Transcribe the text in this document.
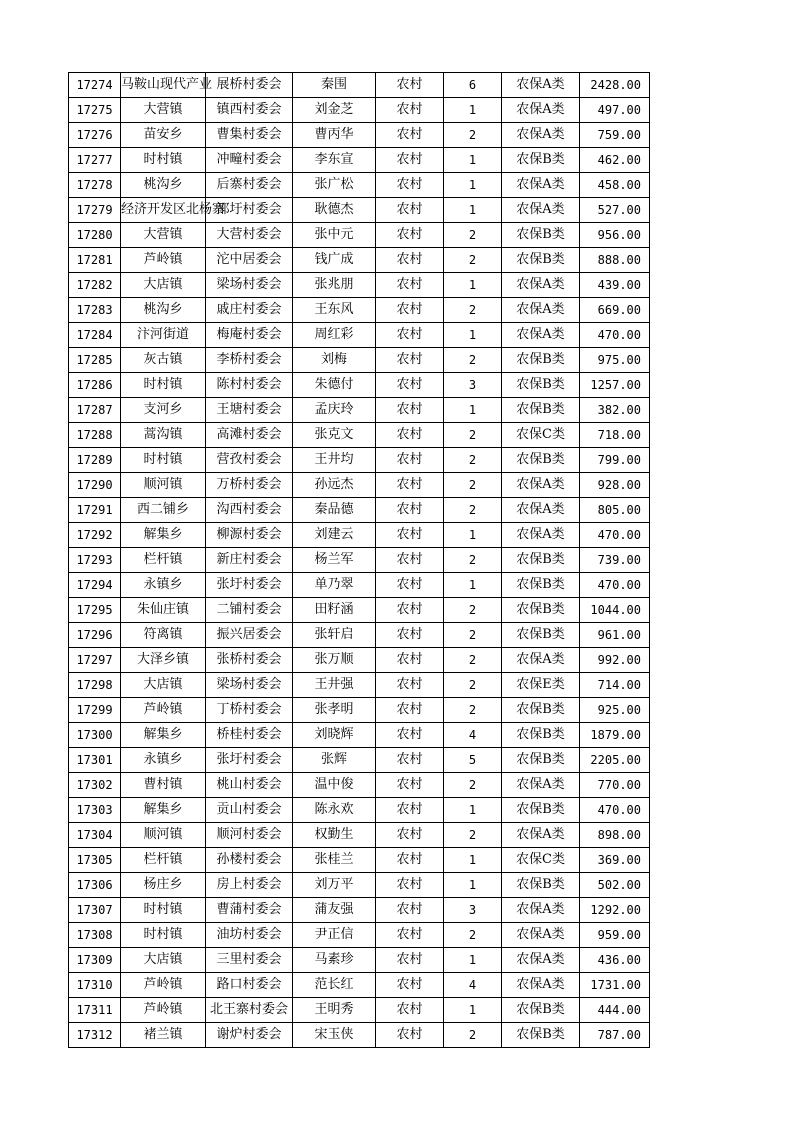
17274	马鞍山现代产业	展桥村委会	秦围	农村	6	农保A类	2428.00
17275	大营镇	镇西村委会	刘金芝	农村	1	农保A类	497.00
17276	苗安乡	曹集村委会	曹丙华	农村	2	农保A类	759.00
17277	时村镇	冲疃村委会	李东宣	农村	1	农保B类	462.00
17278	桃沟乡	后寨村委会	张广松	农村	1	农保A类	458.00
17279	经济开发区北杨寨	邵圩村委会	耿德杰	农村	1	农保A类	527.00
17280	大营镇	大营村委会	张中元	农村	2	农保B类	956.00
17281	芦岭镇	沱中居委会	钱广成	农村	2	农保B类	888.00
17282	大店镇	梁场村委会	张兆朋	农村	1	农保A类	439.00
17283	桃沟乡	戚庄村委会	王东风	农村	2	农保A类	669.00
17284	汴河街道	梅庵村委会	周红彩	农村	1	农保A类	470.00
17285	灰古镇	李桥村委会	刘梅	农村	2	农保B类	975.00
17286	时村镇	陈村村委会	朱德付	农村	3	农保B类	1257.00
17287	支河乡	王塘村委会	孟庆玲	农村	1	农保B类	382.00
17288	蒿沟镇	高滩村委会	张克文	农村	2	农保C类	718.00
17289	时村镇	营孜村委会	王井均	农村	2	农保B类	799.00
17290	顺河镇	万桥村委会	孙远杰	农村	2	农保A类	928.00
17291	西二铺乡	沟西村委会	秦品德	农村	2	农保A类	805.00
17292	解集乡	柳源村委会	刘建云	农村	1	农保A类	470.00
17293	栏杆镇	新庄村委会	杨兰军	农村	2	农保B类	739.00
17294	永镇乡	张圩村委会	单乃翠	农村	1	农保B类	470.00
17295	朱仙庄镇	二铺村委会	田籽涵	农村	2	农保B类	1044.00
17296	符离镇	振兴居委会	张轩启	农村	2	农保B类	961.00
17297	大泽乡镇	张桥村委会	张万顺	农村	2	农保A类	992.00
17298	大店镇	梁场村委会	王井强	农村	2	农保E类	714.00
17299	芦岭镇	丁桥村委会	张孝明	农村	2	农保B类	925.00
17300	解集乡	桥桂村委会	刘晓辉	农村	4	农保B类	1879.00
17301	永镇乡	张圩村委会	张辉	农村	5	农保B类	2205.00
17302	曹村镇	桃山村委会	温中俊	农村	2	农保A类	770.00
17303	解集乡	贡山村委会	陈永欢	农村	1	农保B类	470.00
17304	顺河镇	顺河村委会	权勤生	农村	2	农保A类	898.00
17305	栏杆镇	孙楼村委会	张桂兰	农村	1	农保C类	369.00
17306	杨庄乡	房上村委会	刘万平	农村	1	农保B类	502.00
17307	时村镇	曹蒲村委会	蒲友强	农村	3	农保A类	1292.00
17308	时村镇	油坊村委会	尹正信	农村	2	农保A类	959.00
17309	大店镇	三里村委会	马素珍	农村	1	农保A类	436.00
17310	芦岭镇	路口村委会	范长红	农村	4	农保A类	1731.00
17311	芦岭镇	北王寨村委会	王明秀	农村	1	农保B类	444.00
17312	褚兰镇	谢炉村委会	宋玉侠	农村	2	农保B类	787.00
